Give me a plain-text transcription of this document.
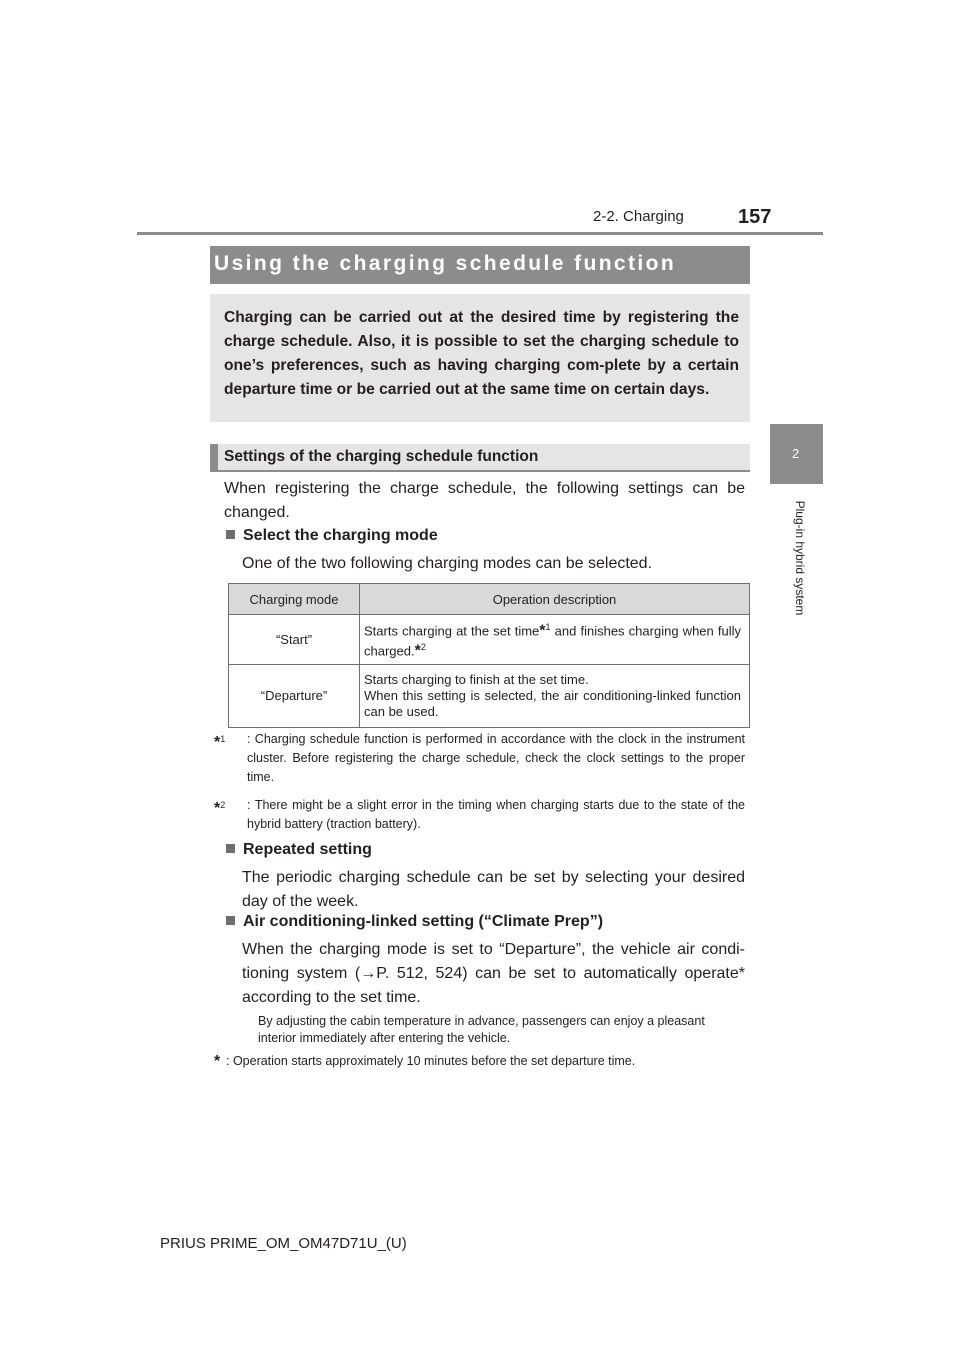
2-2. Charging	157
2
Plug-in hybrid system
Using the charging schedule function
Charging can be carried out at the desired time by registering the charge schedule. Also, it is possible to set the charging schedule to one’s preferences, such as having charging com-plete by a certain departure time or be carried out at the same time on certain days.
Settings of the charging schedule function
When registering the charge schedule, the following settings can be changed.
Select the charging mode
One of the two following charging modes can be selected.
Charging mode	Operation description
“Start”	Starts charging at the set time*$^1$ and finishes charging when fully charged.*$^2$
“Departure”	Starts charging to finish at the set time.
When this setting is selected, the air conditioning-linked function can be used.
*$^1$ : Charging schedule function is performed in accordance with the clock in the instrument cluster. Before registering the charge schedule, check the clock settings to the proper time.
*$^2$ : There might be a slight error in the timing when charging starts due to the state of the hybrid battery (traction battery).
Repeated setting
The periodic charging schedule can be set by selecting your desired day of the week.
Air conditioning-linked setting (“Climate Prep”)
When the charging mode is set to “Departure”, the vehicle air condi-tioning system (→P. 512, 524) can be set to automatically operate* according to the set time.
By adjusting the cabin temperature in advance, passengers can enjoy a pleasant interior immediately after entering the vehicle.
* : Operation starts approximately 10 minutes before the set departure time.
PRIUS PRIME_OM_OM47D71U_(U)
